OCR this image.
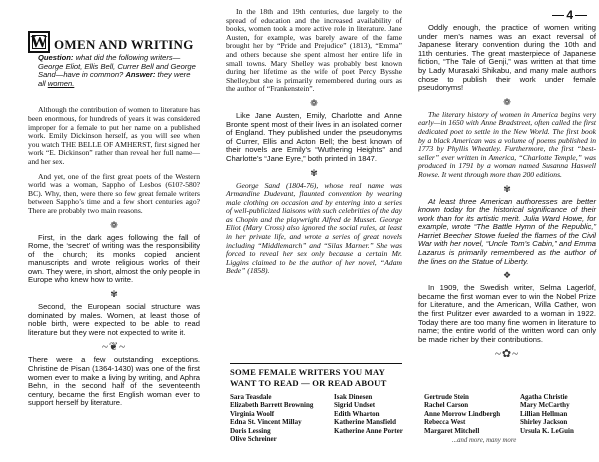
4
W OMEN AND WRITING

Question: what did the following writers— George Eliot, Ellis Bell, Currer Bell and George Sand—have in common? Answer: they were all women.

Although the contribution of women to literature has been enormous, for hundreds of years it was considered improper for a female to put her name on a published work. Emily Dickinson herself, as you will see when you watch THE BELLE OF AMHERST, first signed her work “E. Dickinson” rather than reveal her full name—and her sex.

And yet, one of the first great poets of the Western world was a woman, Sappho of Lesbos (610?-580? BC). Why, then, were there so few great female writers between Sappho’s time and a few short centuries ago? There are probably two main reasons.

❁

First, in the dark ages following the fall of Rome, the ‘secret’ of writing was the responsibility of the church; its monks copied ancient manuscripts and wrote religious works of their own. They were, in short, almost the only people in Europe who knew how to write.

✾

Second, the European social structure was dominated by males. Women, at least those of noble birth, were expected to be able to read literature but they were not expected to write it.

~❦~

There were a few outstanding exceptions. Christine de Pisan (1364-1430) was one of the first women ever to make a living by writing, and Aphra Behn, in the second half of the seventeenth century, became the first English woman ever to support herself by literature.

In the 18th and 19th centuries, due largely to the spread of education and the increased availability of books, women took a more active role in literature. Jane Austen, for example, was barely aware of the fame brought her by “Pride and Prejudice” (1813), “Emma” and others because she spent almost her entire life in small towns. Mary Shelley was probably best known during her lifetime as the wife of poet Percy Bysshe Shelley,but she is primarily remembered during ours as the author of “Frankenstein”.

❁

Like Jane Austen, Emily, Charlotte and Anne Bronte spent most of their lives in an isolated corner of England. They published under the pseudonyms of Currer, Ellis and Acton Bell; the best known of their novels are Emily’s “Wuthering Heights” and Charlotte’s “Jane Eyre,” both printed in 1847.

✾

George Sand (1804-76), whose real name was Armandine Dudevant, flaunted convention by wearing male clothing on occasion and by entering into a series of well-publicized liaisons with such celebrities of the day as Chopin and the playwright Alfred de Musset. George Eliot (Mary Cross) also ignored the social rules, at least in her private life, and wrote a series of great novels including “Middlemarch” and “Silas Marner.” She was forced to reveal her sex only because a certain Mr. Liggins claimed to be the author of her novel, “Adam Bede” (1858).

Oddly enough, the practice of women writing under men’s names was an exact reversal of Japanese literary convention during the 10th and 11th centuries. The great masterpiece of Japanese fiction, “The Tale of Genji,” was written at that time by Lady Murasaki Shikabu, and many male authors chose to publish their work under female pseudonyms!

❁

The literary history of women in America begins very early—in 1650 with Anne Bradstreet, often called the first dedicated poet to settle in the New World. The first book by a black American was a volume of poems published in 1773 by Phyllis Wheatley. Furthermore, the first “best-seller” ever written in America, “Charlotte Temple,” was produced in 1791 by a woman named Susanna Haswell Rowse. It went through more than 200 editions.

✾

At least three American authoresses are better known today for the historical significance of their work than for its artistic merit. Julia Ward Howe, for example, wrote “The Battle Hymn of the Republic,” Harriet Beecher Stowe fueled the flames of the Civil War with her novel, “Uncle Tom’s Cabin,” and Emma Lazarus is primarily remembered as the author of the lines on the Statue of Liberty.

❖

In 1909, the Swedish writer, Selma Lagerlöf, became the first woman ever to win the Nobel Prize for Literature, and the American, Willa Cather, won the first Pulitzer ever awarded to a woman in 1922. Today there are too many fine women in literature to name; the entire world of the written word can only be made richer by their contributions.

~✿~
SOME FEMALE WRITERS YOU MAY
WANT TO READ — OR READ ABOUT
Sara Teasdale
Elizabeth Barrett Browning
Virginia Woolf
Edna St. Vincent Millay
Doris Lessing
Olive Schreiner
Isak Dinesen
Sigrid Undset
Edith Wharton
Katherine Mansfield
Katherine Anne Porter
Gertrude Stein
Rachel Carson
Anne Morrow Lindbergh
Rebecca West
Margaret Mitchell
Agatha Christie
Mary McCarthy
Lillian Hellman
Shirley Jackson
Ursula K. LeGuin
...and more, many more
